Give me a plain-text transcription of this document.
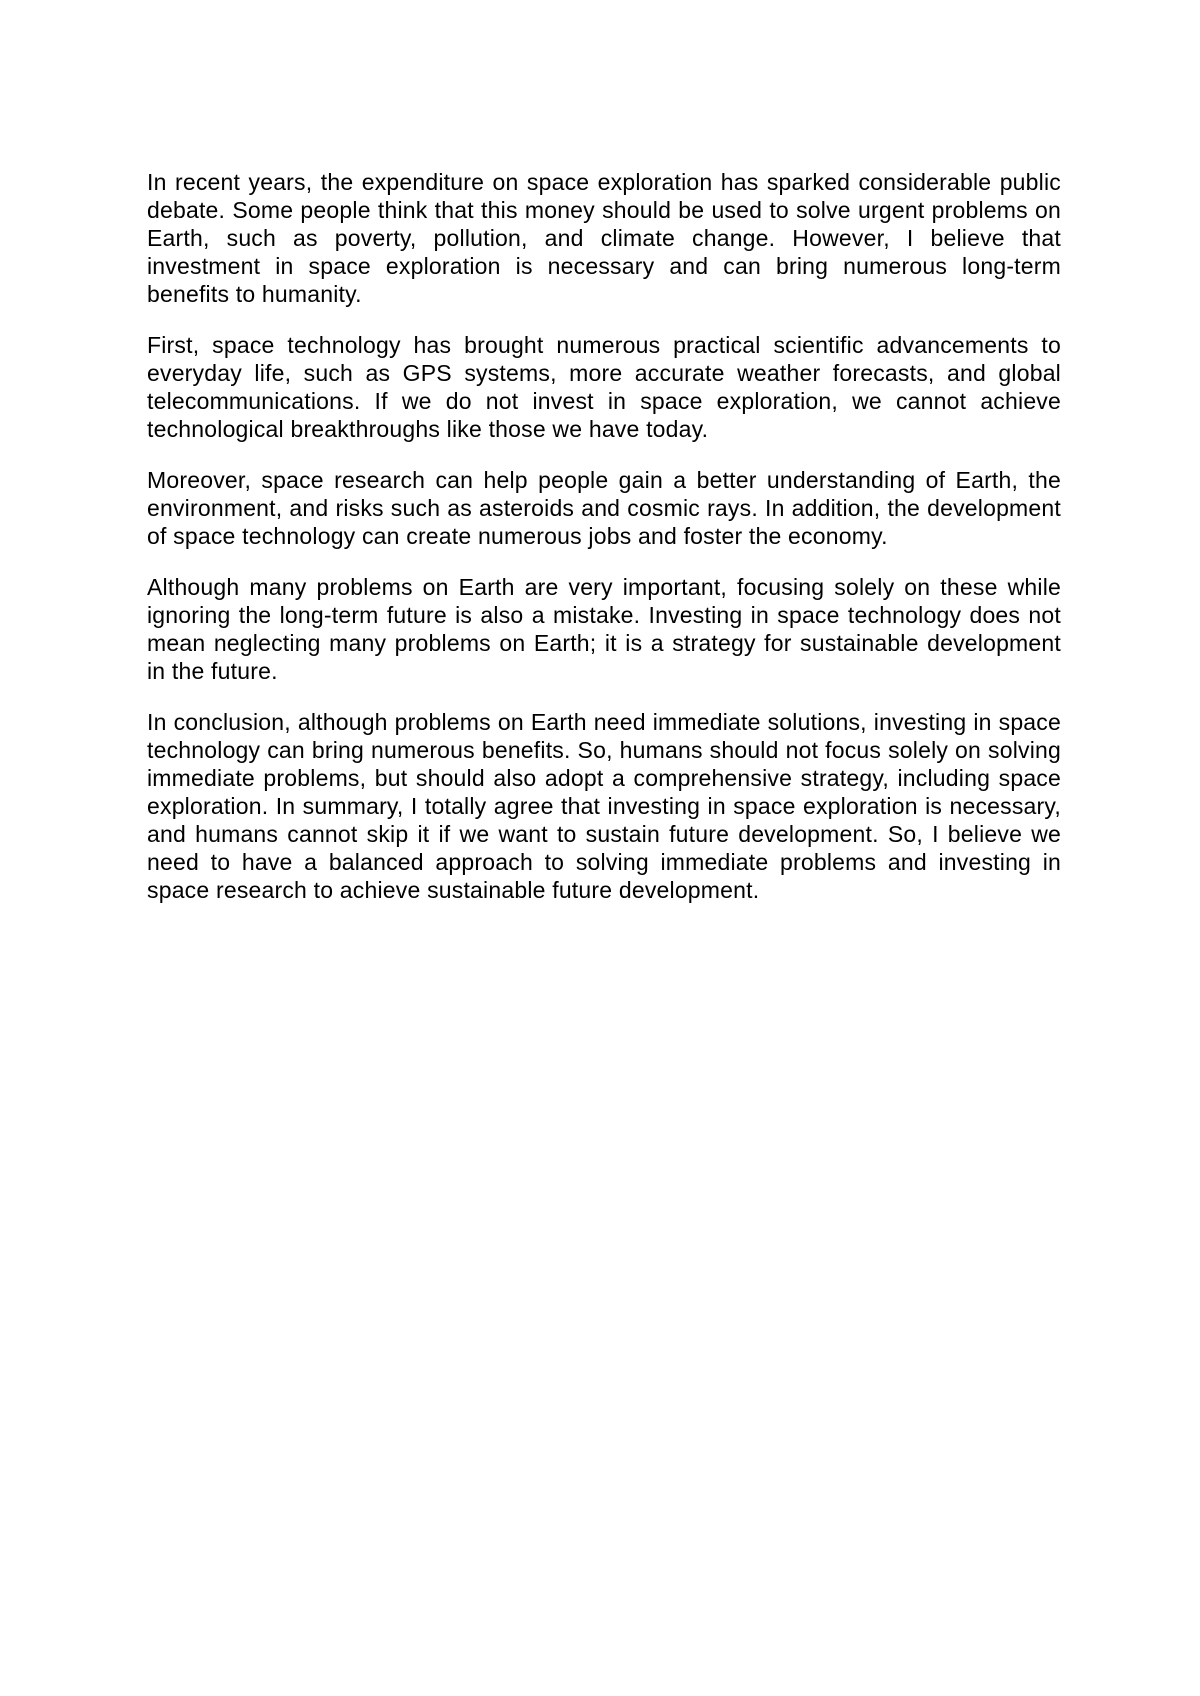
In recent years, the expenditure on space exploration has sparked considerable public debate. Some people think that this money should be used to solve urgent problems on Earth, such as poverty, pollution, and climate change. However, I believe that investment in space exploration is necessary and can bring numerous long-term benefits to humanity.

First, space technology has brought numerous practical scientific advancements to everyday life, such as GPS systems, more accurate weather forecasts, and global telecommunications. If we do not invest in space exploration, we cannot achieve technological breakthroughs like those we have today.

Moreover, space research can help people gain a better understanding of Earth, the environment, and risks such as asteroids and cosmic rays. In addition, the development of space technology can create numerous jobs and foster the economy.

Although many problems on Earth are very important, focusing solely on these while ignoring the long-term future is also a mistake. Investing in space technology does not mean neglecting many problems on Earth; it is a strategy for sustainable development in the future.

In conclusion, although problems on Earth need immediate solutions, investing in space technology can bring numerous benefits. So, humans should not focus solely on solving immediate problems, but should also adopt a comprehensive strategy, including space exploration. In summary, I totally agree that investing in space exploration is necessary, and humans cannot skip it if we want to sustain future development. So, I believe we need to have a balanced approach to solving immediate problems and investing in space research to achieve sustainable future development.
